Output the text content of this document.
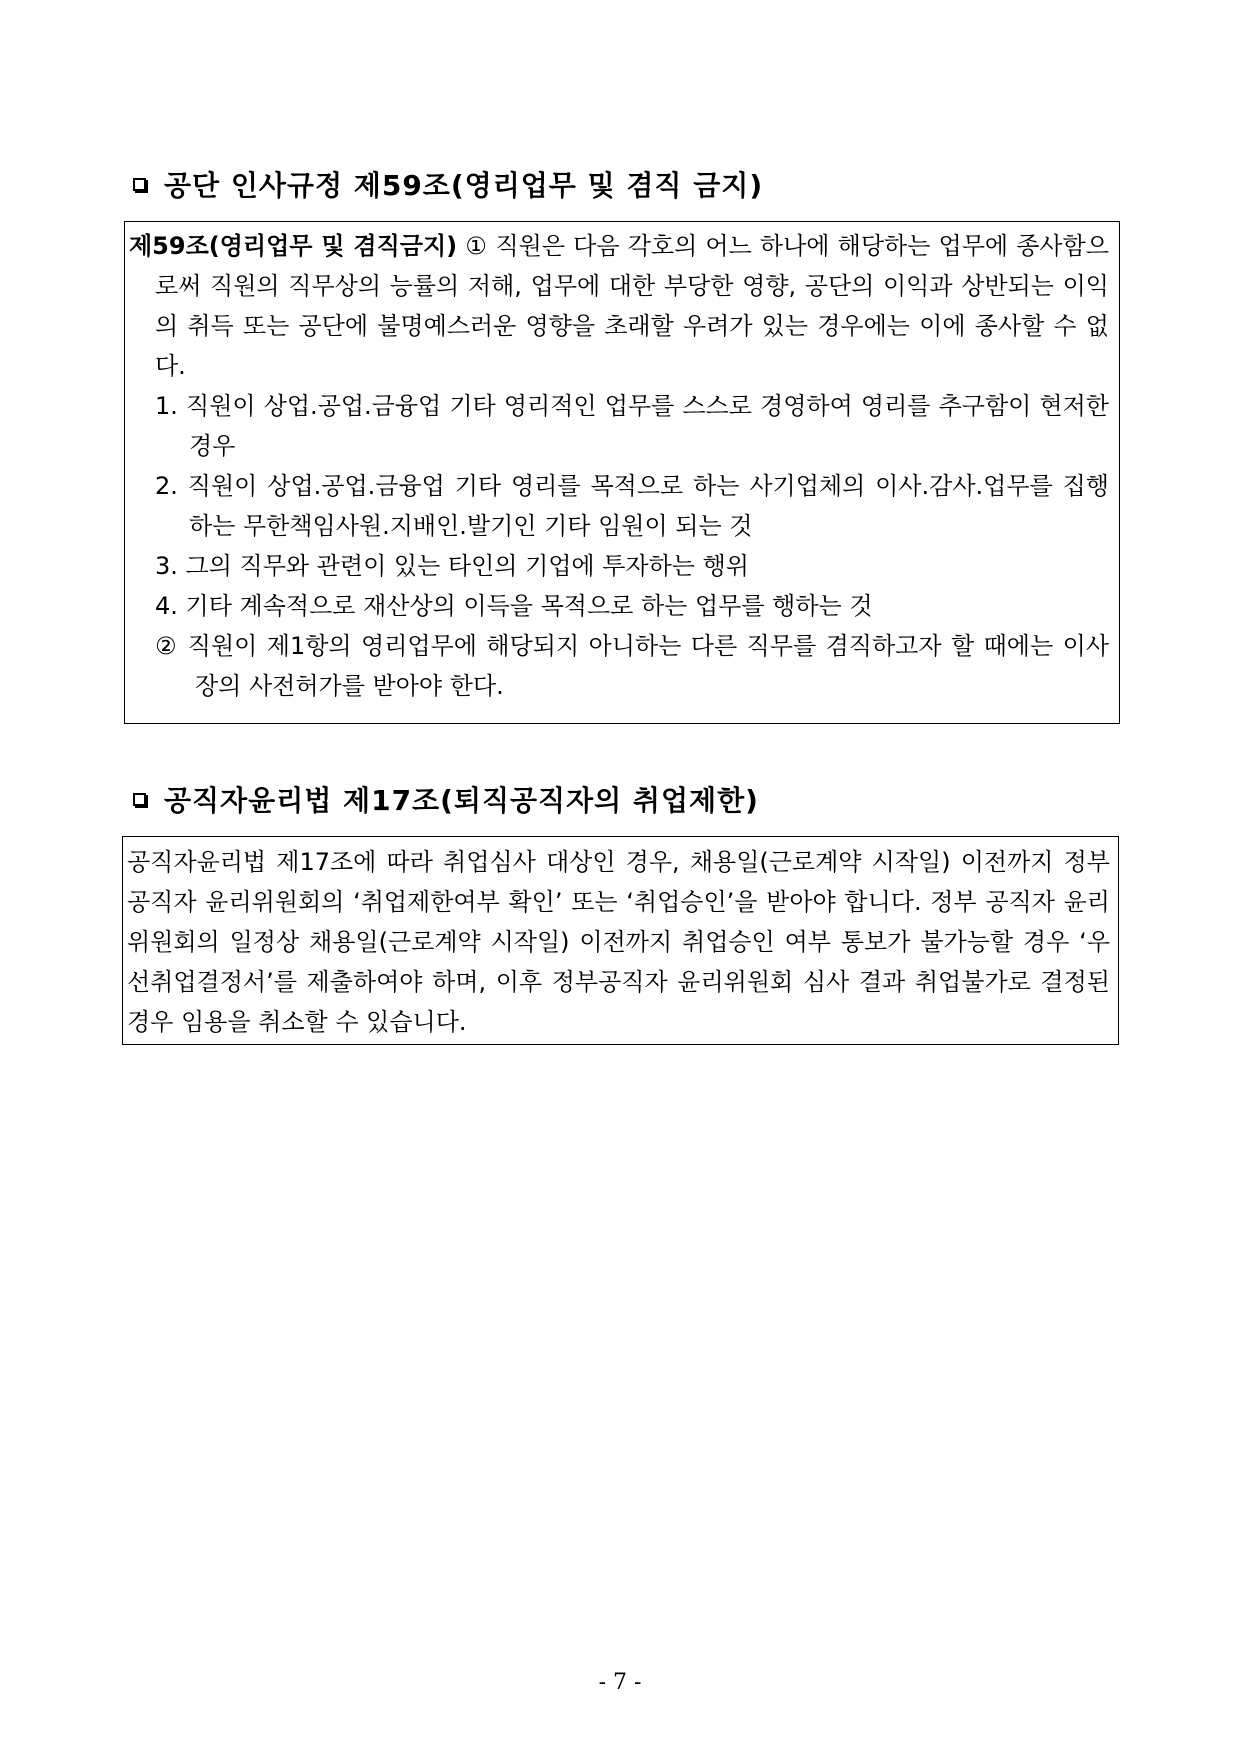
공단 인사규정 제59조(영리업무 및 겸직 금지)
제59조(영리업무 및 겸직금지) ① 직원은 다음 각호의 어느 하나에 해당하는 업무에 종사함으로써 직원의 직무상의 능률의 저해, 업무에 대한 부당한 영향, 공단의 이익과 상반되는 이익의 취득 또는 공단에 불명예스러운 영향을 초래할 우려가 있는 경우에는 이에 종사할 수 없다.
1. 직원이 상업.공업.금융업 기타 영리적인 업무를 스스로 경영하여 영리를 추구함이 현저한 경우
2. 직원이 상업.공업.금융업 기타 영리를 목적으로 하는 사기업체의 이사.감사.업무를 집행하는 무한책임사원.지배인.발기인 기타 임원이 되는 것
3. 그의 직무와 관련이 있는 타인의 기업에 투자하는 행위
4. 기타 계속적으로 재산상의 이득을 목적으로 하는 업무를 행하는 것
② 직원이 제1항의 영리업무에 해당되지 아니하는 다른 직무를 겸직하고자 할 때에는 이사장의 사전허가를 받아야 한다.
공직자윤리법 제17조(퇴직공직자의 취업제한)
공직자윤리법 제17조에 따라 취업심사 대상인 경우, 채용일(근로계약 시작일) 이전까지 정부공직자 윤리위원회의 ‘취업제한여부 확인’ 또는 ‘취업승인’을 받아야 합니다. 정부 공직자 윤리위원회의 일정상 채용일(근로계약 시작일) 이전까지 취업승인 여부 통보가 불가능할 경우 ‘우선취업결정서’를 제출하여야 하며, 이후 정부공직자 윤리위원회 심사 결과 취업불가로 결정된 경우 임용을 취소할 수 있습니다.
- 7 -
